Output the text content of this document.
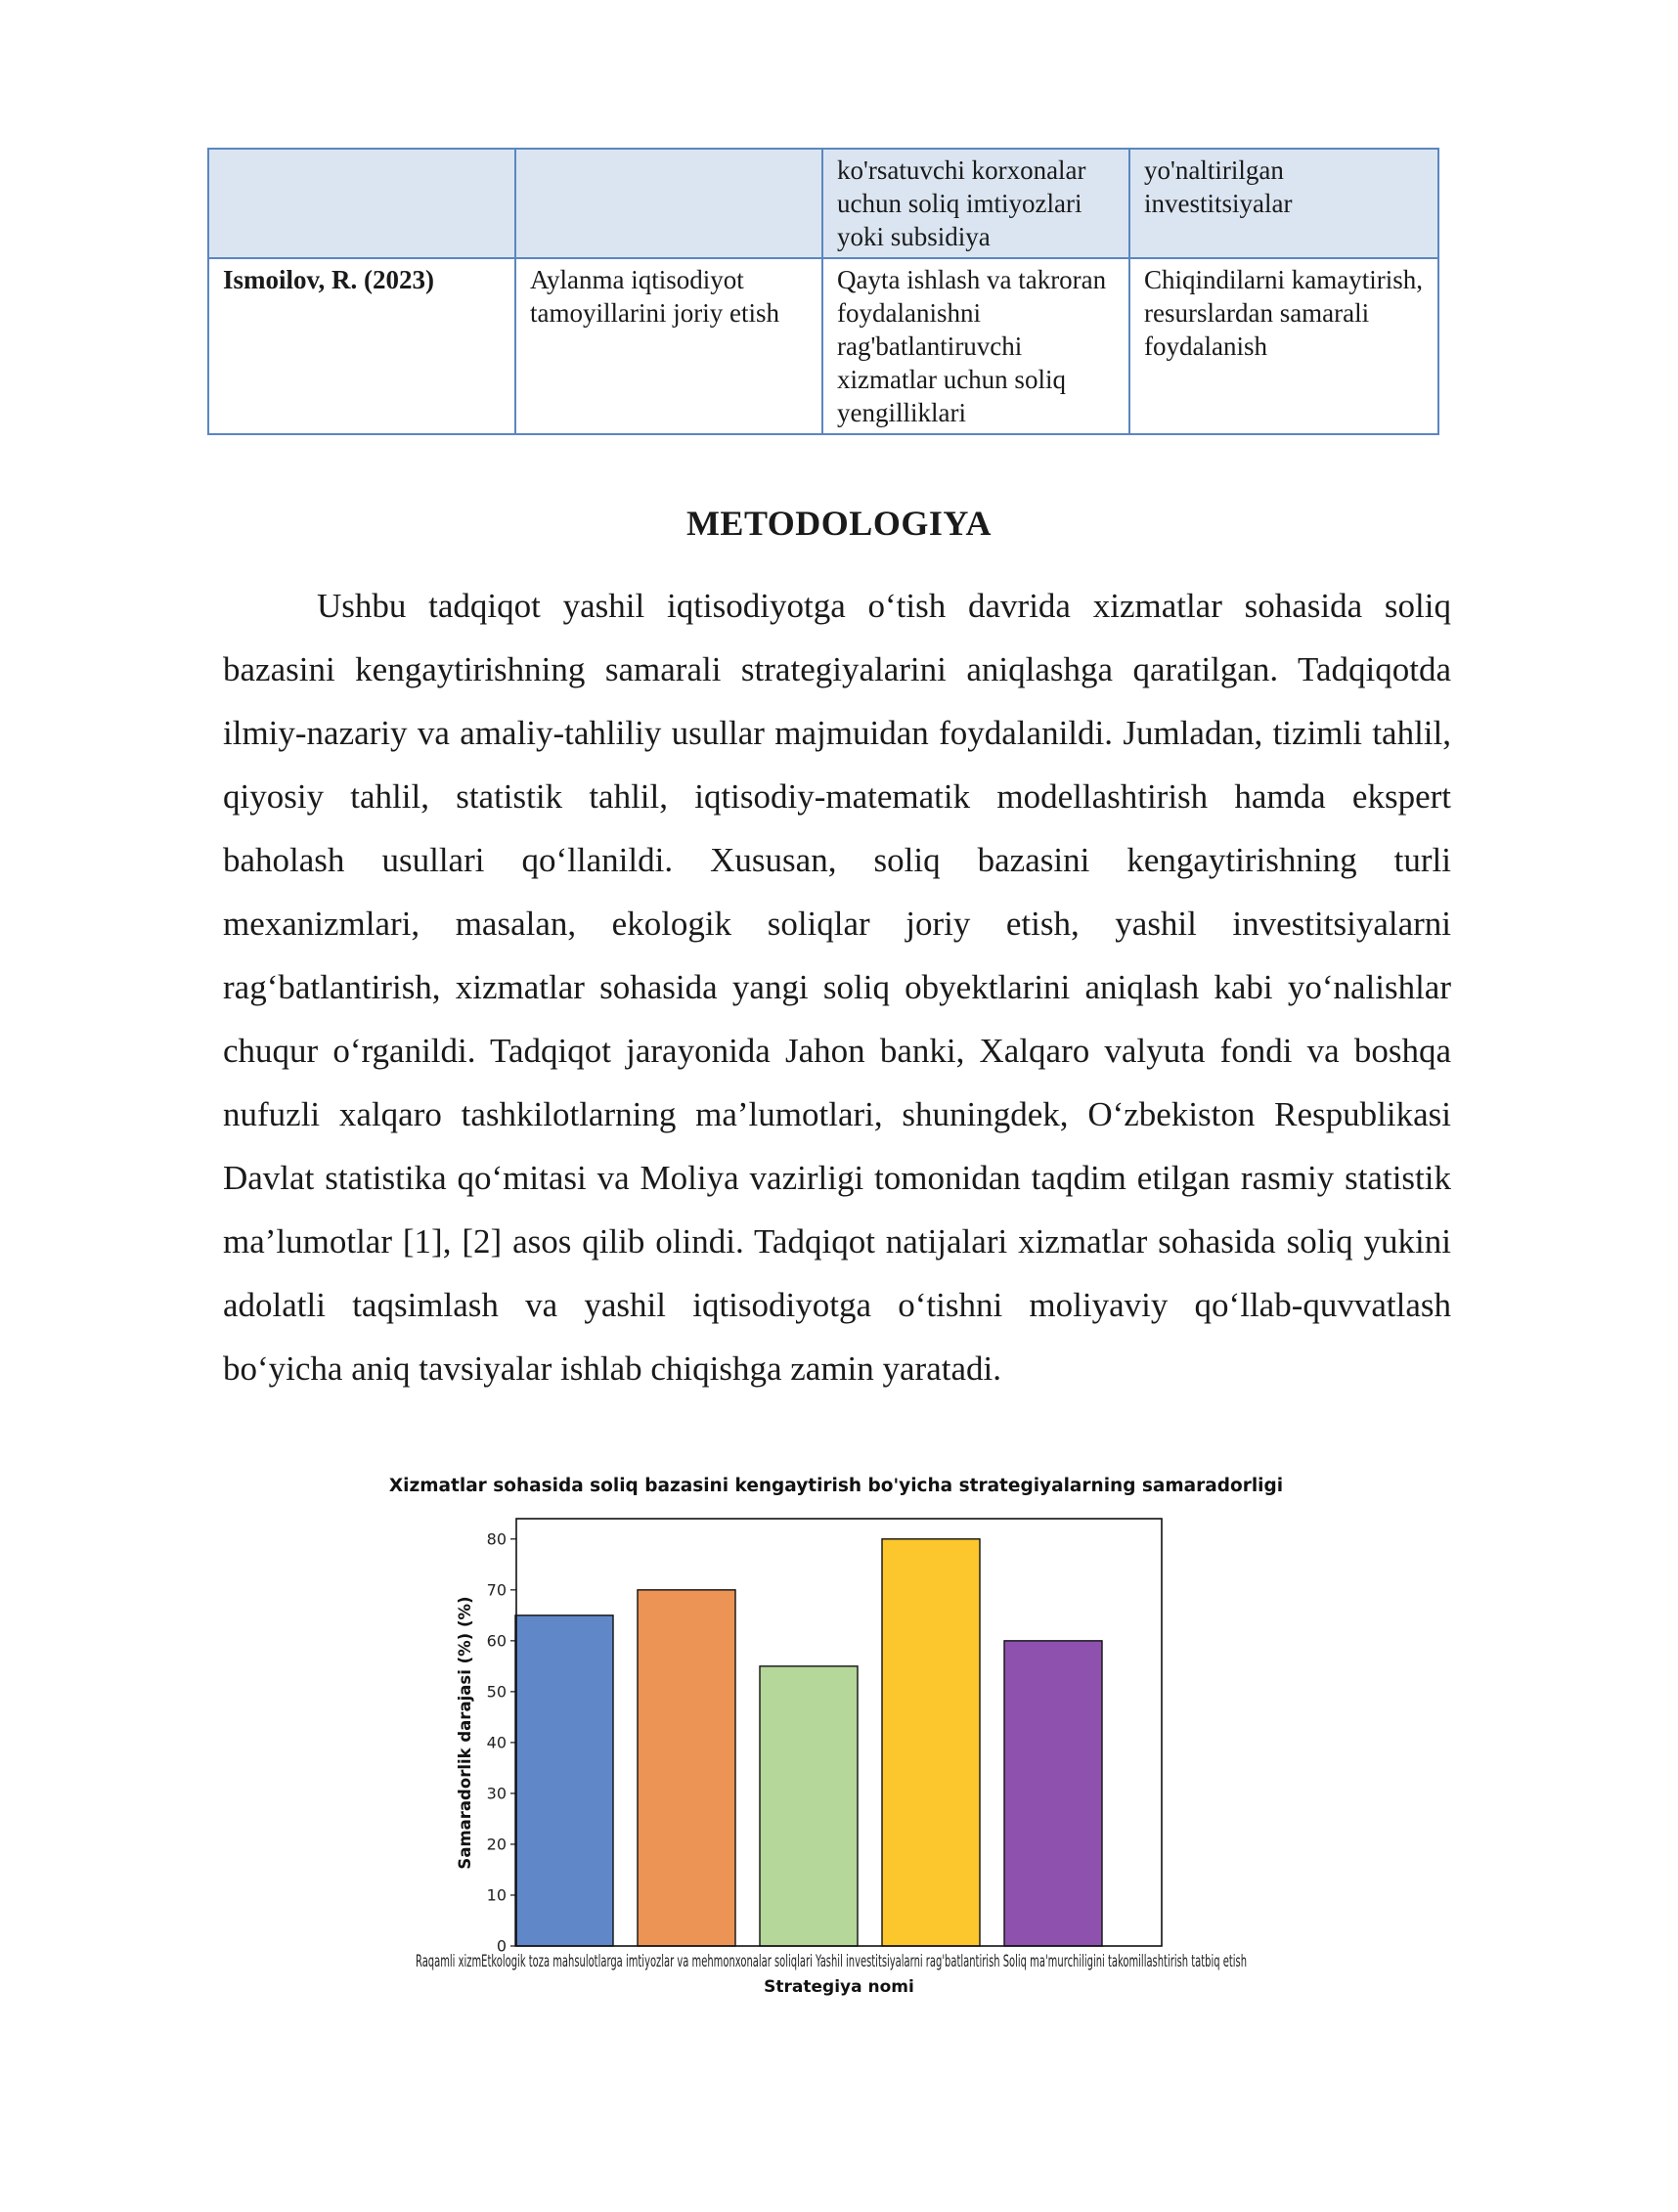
		ko'rsatuvchi korxonalar uchun soliq imtiyozlari yoki subsidiya	yo'naltirilgan investitsiyalar
Ismoilov, R. (2023)	Aylanma iqtisodiyot tamoyillarini joriy etish	Qayta ishlash va takroran foydalanishni rag'batlantiruvchi xizmatlar uchun soliq yengilliklari	Chiqindilarni kamaytirish, resurslardan samarali foydalanish
METODOLOGIYA

Ushbu tadqiqot yashil iqtisodiyotga o‘tish davrida xizmatlar sohasida soliq bazasini kengaytirishning samarali strategiyalarini aniqlashga qaratilgan. Tadqiqotda ilmiy-nazariy va amaliy-tahliliy usullar majmuidan foydalanildi. Jumladan, tizimli tahlil, qiyosiy tahlil, statistik tahlil, iqtisodiy-matematik modellashtirish hamda ekspert baholash usullari qo‘llanildi. Xususan, soliq bazasini kengaytirishning turli mexanizmlari, masalan, ekologik soliqlar joriy etish, yashil investitsiyalarni rag‘batlantirish, xizmatlar sohasida yangi soliq obyektlarini aniqlash kabi yo‘nalishlar chuqur o‘rganildi. Tadqiqot jarayonida Jahon banki, Xalqaro valyuta fondi va boshqa nufuzli xalqaro tashkilotlarning ma’lumotlari, shuningdek, O‘zbekiston Respublikasi Davlat statistika qo‘mitasi va Moliya vazirligi tomonidan taqdim etilgan rasmiy statistik ma’lumotlar [1], [2] asos qilib olindi. Tadqiqot natijalari xizmatlar sohasida soliq yukini adolatli taqsimlash va yashil iqtisodiyotga o‘tishni moliyaviy qo‘llab-quvvatlash bo‘yicha aniq tavsiyalar ishlab chiqishga zamin yaratadi.

Xizmatlar sohasida soliq bazasini kengaytirish bo'yicha strategiyalarning samaradorligi
0
10
20
30
40
50
60
70
80
Raqamli xizmEtkologik toza mahsulotlarga imtiyozlar va mehmonxonalar soliqlari Yashil investitsiyalarni rag'batlantirish Soliq ma'murchiligini takomillashtirish tatbiq etish
Strategiya nomi
Samaradorlik darajasi (%) (%)
